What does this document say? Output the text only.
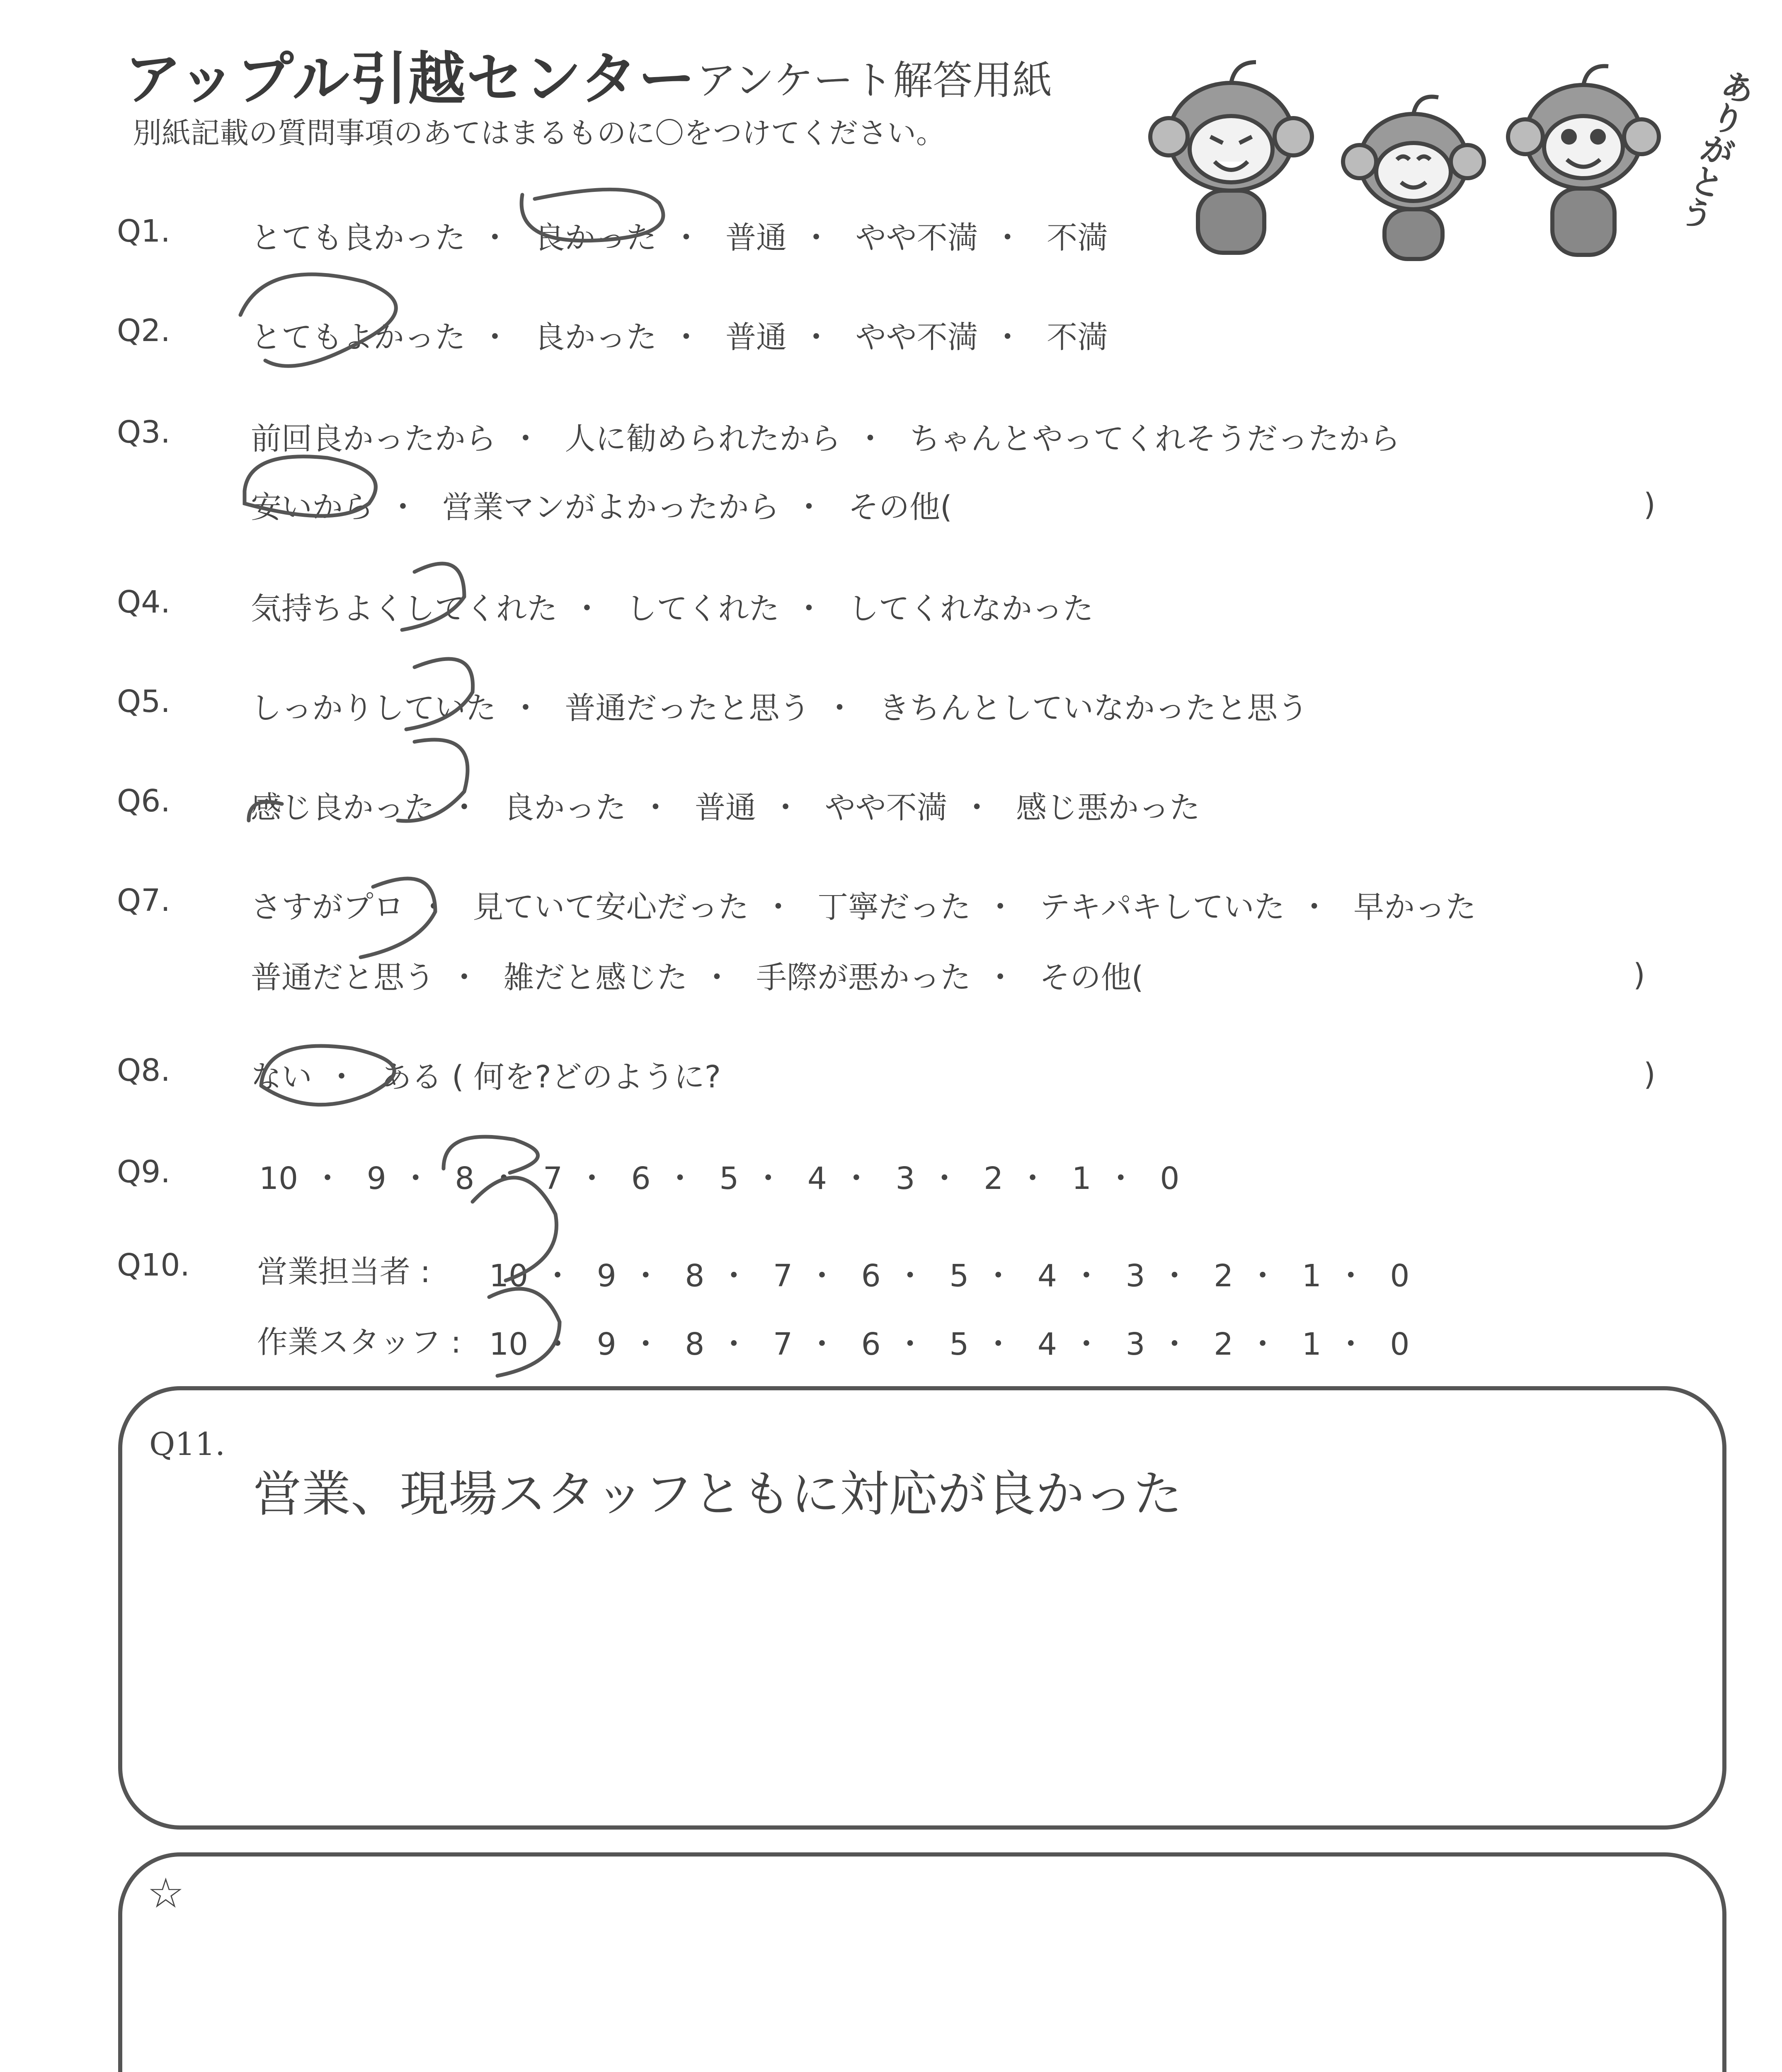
アップル引越センター アンケート解答用紙
別紙記載の質問事項のあてはまるものに〇をつけてください。	ありがとう
Q1.	とても良かった ・ 良かった ・ 普通 ・ やや不満 ・ 不満
Q2.	とてもよかった ・ 良かった ・ 普通 ・ やや不満 ・ 不満
Q3.	前回良かったから ・ 人に勧められたから ・ ちゃんとやってくれそうだったから
安いから ・ 営業マンがよかったから ・ その他(	)
Q4.	気持ちよくしてくれた ・ してくれた ・ してくれなかった
Q5.	しっかりしていた ・ 普通だったと思う ・ きちんとしていなかったと思う
Q6.	感じ良かった ・ 良かった ・ 普通 ・ やや不満 ・ 感じ悪かった
Q7.	さすがプロ ・ 見ていて安心だった ・ 丁寧だった ・ テキパキしていた ・ 早かった
普通だと思う ・ 雑だと感じた ・ 手際が悪かった ・ その他(	)
Q8.	ない ・ ある ( 何を?どのように?	)
Q9.	10 ・ 9 ・ 8 ・ 7 ・ 6 ・ 5 ・ 4 ・ 3 ・ 2 ・ 1 ・ 0
Q10. 営業担当者 : 10 ・ 9 ・ 8 ・ 7 ・ 6 ・ 5 ・ 4 ・ 3 ・ 2 ・ 1 ・ 0
作業スタッフ : 10 ・ 9 ・ 8 ・ 7 ・ 6 ・ 5 ・ 4 ・ 3 ・ 2 ・ 1 ・ 0
Q11.
営業、現場スタッフともに対応が良かった
☆
